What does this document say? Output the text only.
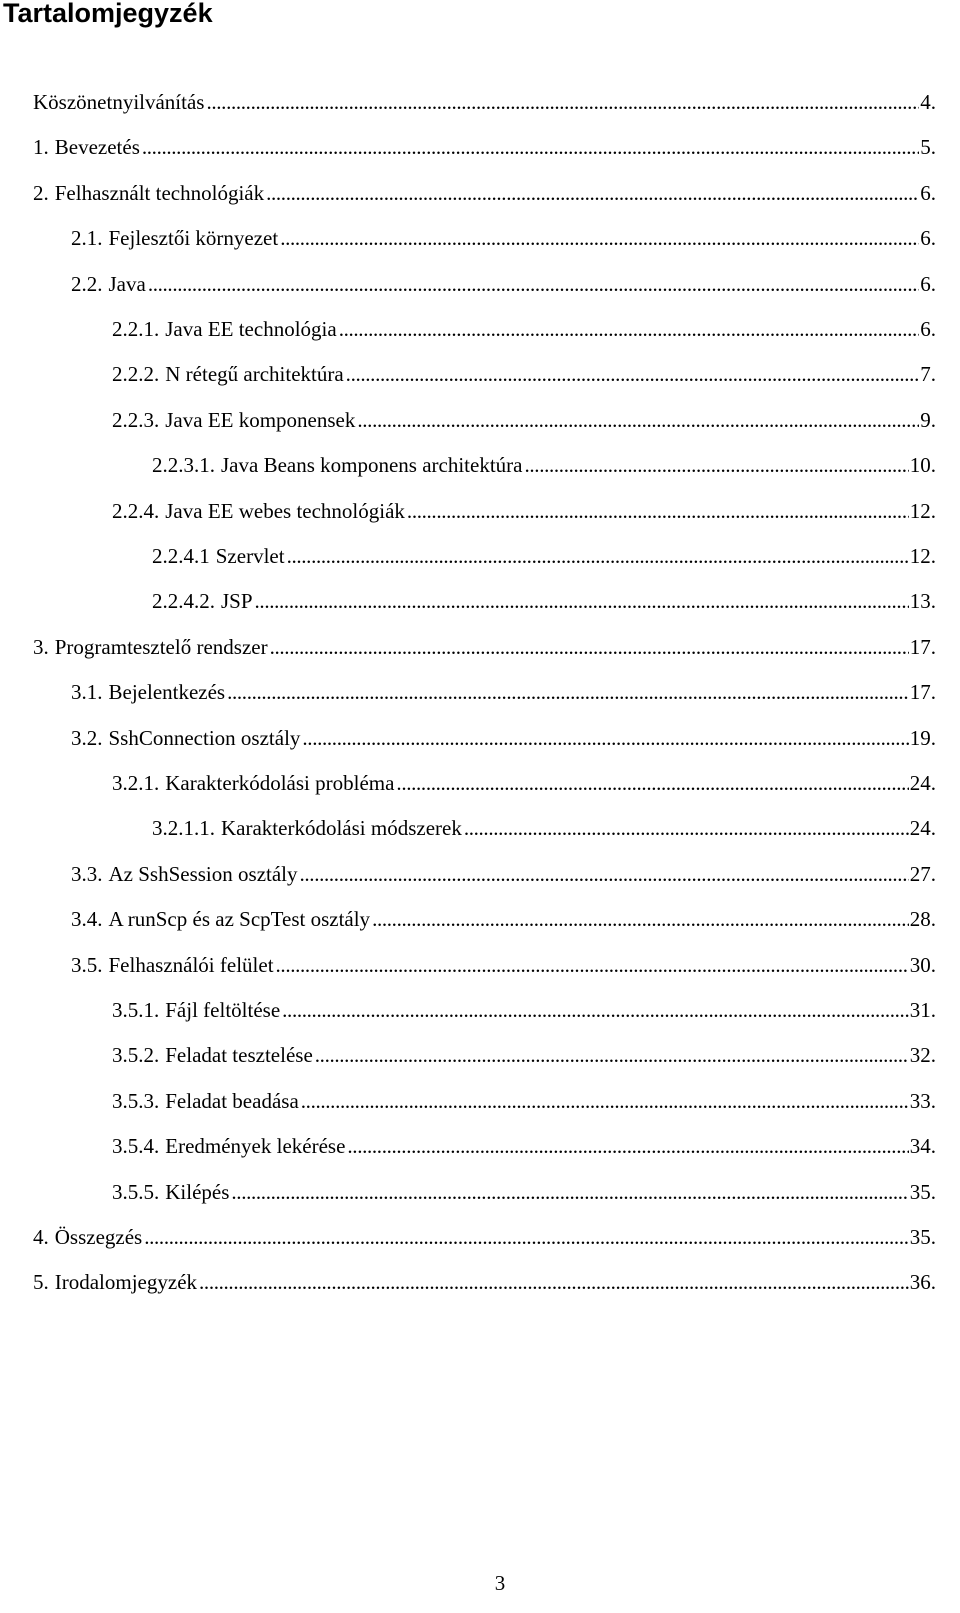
Tartalomjegyzék
Köszönetnyilvánítás . . .	4.
1. Bevezetés . . .	5.
2. Felhasznált technológiák . . .	6.
2.1. Fejlesztői környezet . . .	6.
2.2. Java . . .	6.
2.2.1. Java EE technológia . . .	6.
2.2.2. N rétegű architektúra . . .	7.
2.2.3. Java EE komponensek . . .	9.
2.2.3.1. Java Beans komponens architektúra . . .	10.
2.2.4. Java EE webes technológiák . . .	12.
2.2.4.1 Szervlet . . .	12.
2.2.4.2. JSP . . .	13.
3. Programtesztelő rendszer . . .	17.
3.1. Bejelentkezés . . .	17.
3.2. SshConnection osztály . . .	19.
3.2.1. Karakterkódolási probléma . . .	24.
3.2.1.1. Karakterkódolási módszerek . . .	24.
3.3. Az SshSession osztály . . .	27.
3.4. A runScp és az ScpTest osztály . . .	28.
3.5. Felhasználói felület . . .	30.
3.5.1. Fájl feltöltése . . .	31.
3.5.2. Feladat tesztelése . . .	32.
3.5.3. Feladat beadása . . .	33.
3.5.4. Eredmények lekérése . . .	34.
3.5.5. Kilépés . . .	35.
4. Összegzés . . .	35.
5. Irodalomjegyzék . . .	36.
3
